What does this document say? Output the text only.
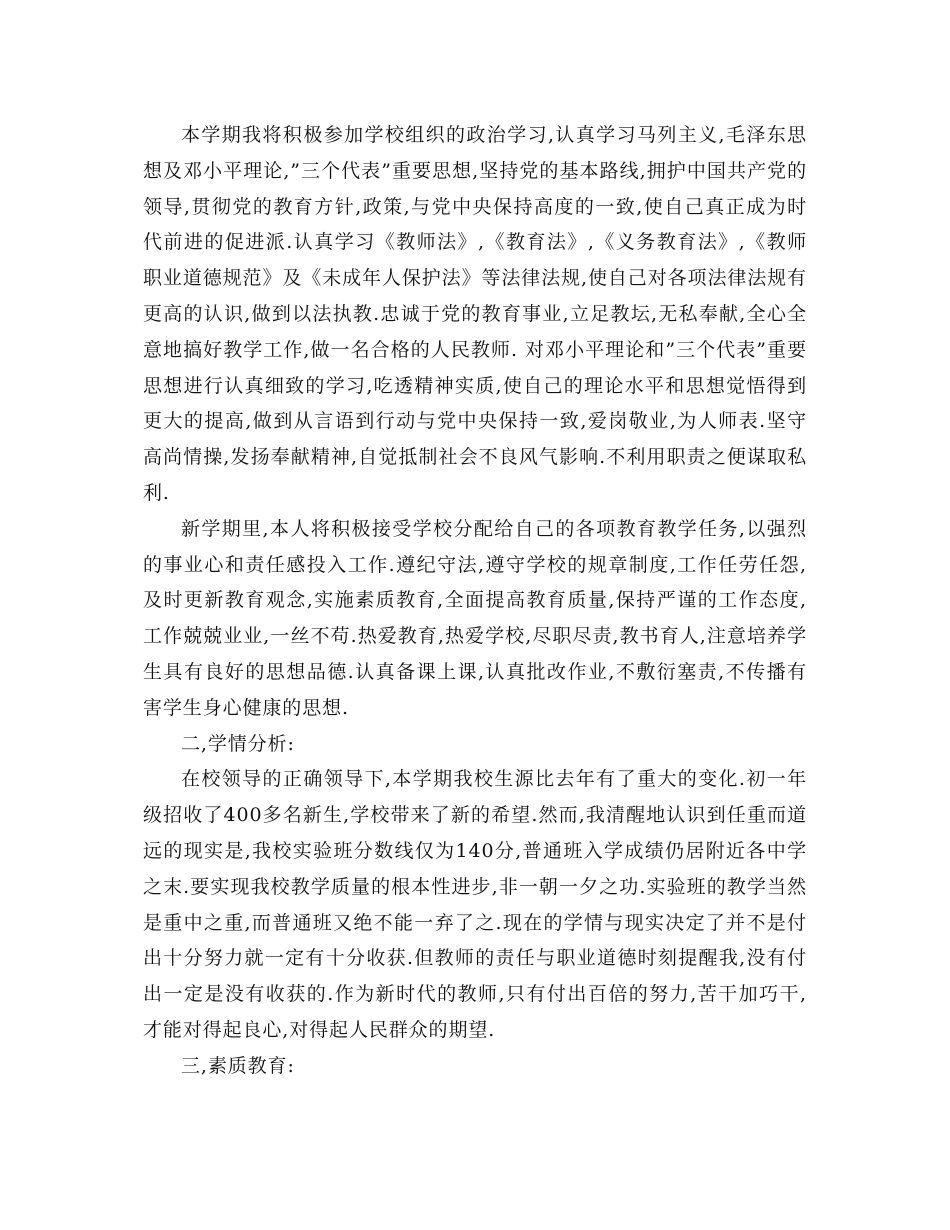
本学期我将积极参加学校组织的政治学习,认真学习马列主义,毛泽东思想及邓小平理论,”三个代表”重要思想,坚持党的基本路线,拥护中国共产党的领导,贯彻党的教育方针,政策,与党中央保持高度的一致,使自己真正成为时代前进的促进派.认真学习《教师法》,《教育法》,《义务教育法》,《教师职业道德规范》及《未成年人保护法》等法律法规,使自己对各项法律法规有更高的认识,做到以法执教.忠诚于党的教育事业,立足教坛,无私奉献,全心全意地搞好教学工作,做一名合格的人民教师. 对邓小平理论和”三个代表”重要思想进行认真细致的学习,吃透精神实质,使自己的理论水平和思想觉悟得到更大的提高,做到从言语到行动与党中央保持一致,爱岗敬业,为人师表.坚守高尚情操,发扬奉献精神,自觉抵制社会不良风气影响.不利用职责之便谋取私利.

新学期里,本人将积极接受学校分配给自己的各项教育教学任务,以强烈的事业心和责任感投入工作.遵纪守法,遵守学校的规章制度,工作任劳任怨,及时更新教育观念,实施素质教育,全面提高教育质量,保持严谨的工作态度,工作兢兢业业,一丝不苟.热爱教育,热爱学校,尽职尽责,教书育人,注意培养学生具有良好的思想品德.认真备课上课,认真批改作业,不敷衍塞责,不传播有害学生身心健康的思想.

二,学情分析:

在校领导的正确领导下,本学期我校生源比去年有了重大的变化.初一年级招收了400多名新生,学校带来了新的希望.然而,我清醒地认识到任重而道远的现实是,我校实验班分数线仅为140分,普通班入学成绩仍居附近各中学之末.要实现我校教学质量的根本性进步,非一朝一夕之功.实验班的教学当然是重中之重,而普通班又绝不能一弃了之.现在的学情与现实决定了并不是付出十分努力就一定有十分收获.但教师的责任与职业道德时刻提醒我,没有付出一定是没有收获的.作为新时代的教师,只有付出百倍的努力,苦干加巧干,才能对得起良心,对得起人民群众的期望.

三,素质教育:
